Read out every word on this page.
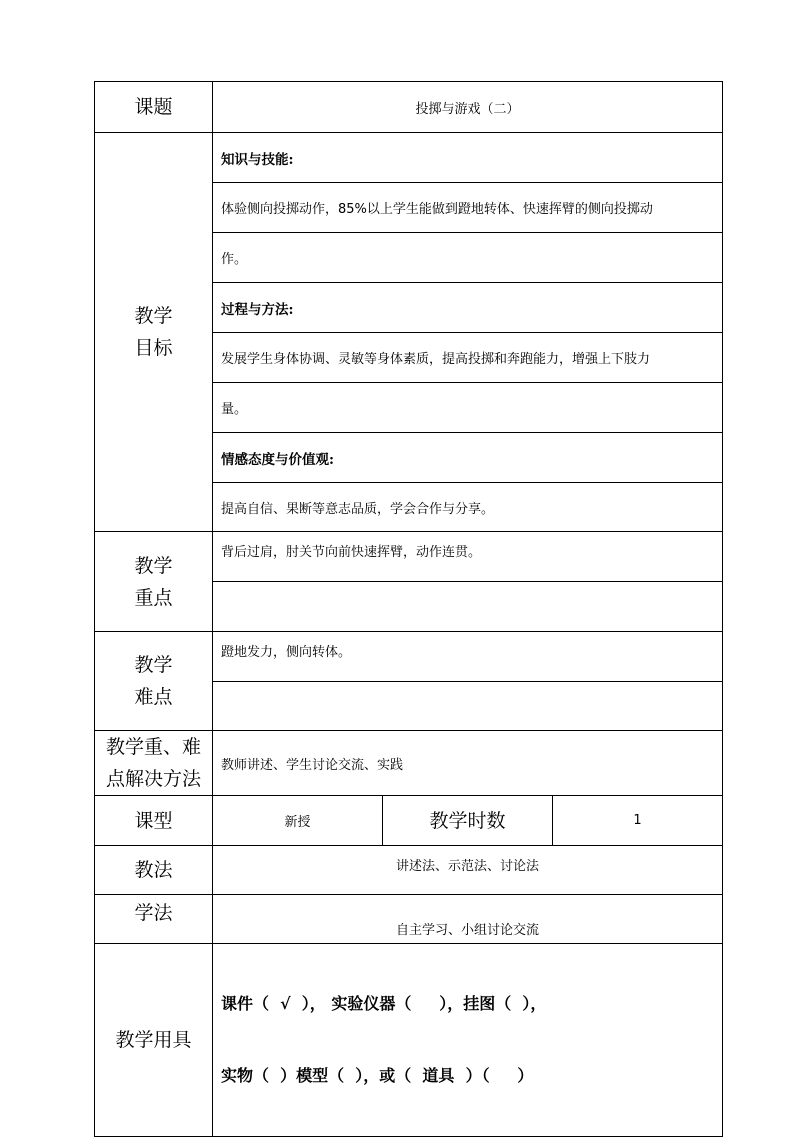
课题	投掷与游戏（二）		

教学
目标	知识与技能:		
	体验侧向投掷动作，85%以上学生能做到蹬地转体、快速挥臂的侧向投掷动		
	作。		
	过程与方法:		
	发展学生身体协调、灵敏等身体素质，提高投掷和奔跑能力，增强上下肢力		
	量。		
	情感态度与价值观:		
	提高自信、果断等意志品质，学会合作与分享。		

教学
重点	背后过肩，肘关节向前快速挥臂，动作连贯。		

教学
难点	蹬地发力，侧向转体。		

教学重、难
点解决方法	教师讲述、学生讨论交流、实践		
课型	新授	教学时数	1
教法	讲述法、示范法、讨论法		
学法	自主学习、小组讨论交流		
教学用具	课件（  √  ）， 实验仪器（     ），挂图（  ），

实物（  ）模型（  ），或（  道具  ）（     ）		
